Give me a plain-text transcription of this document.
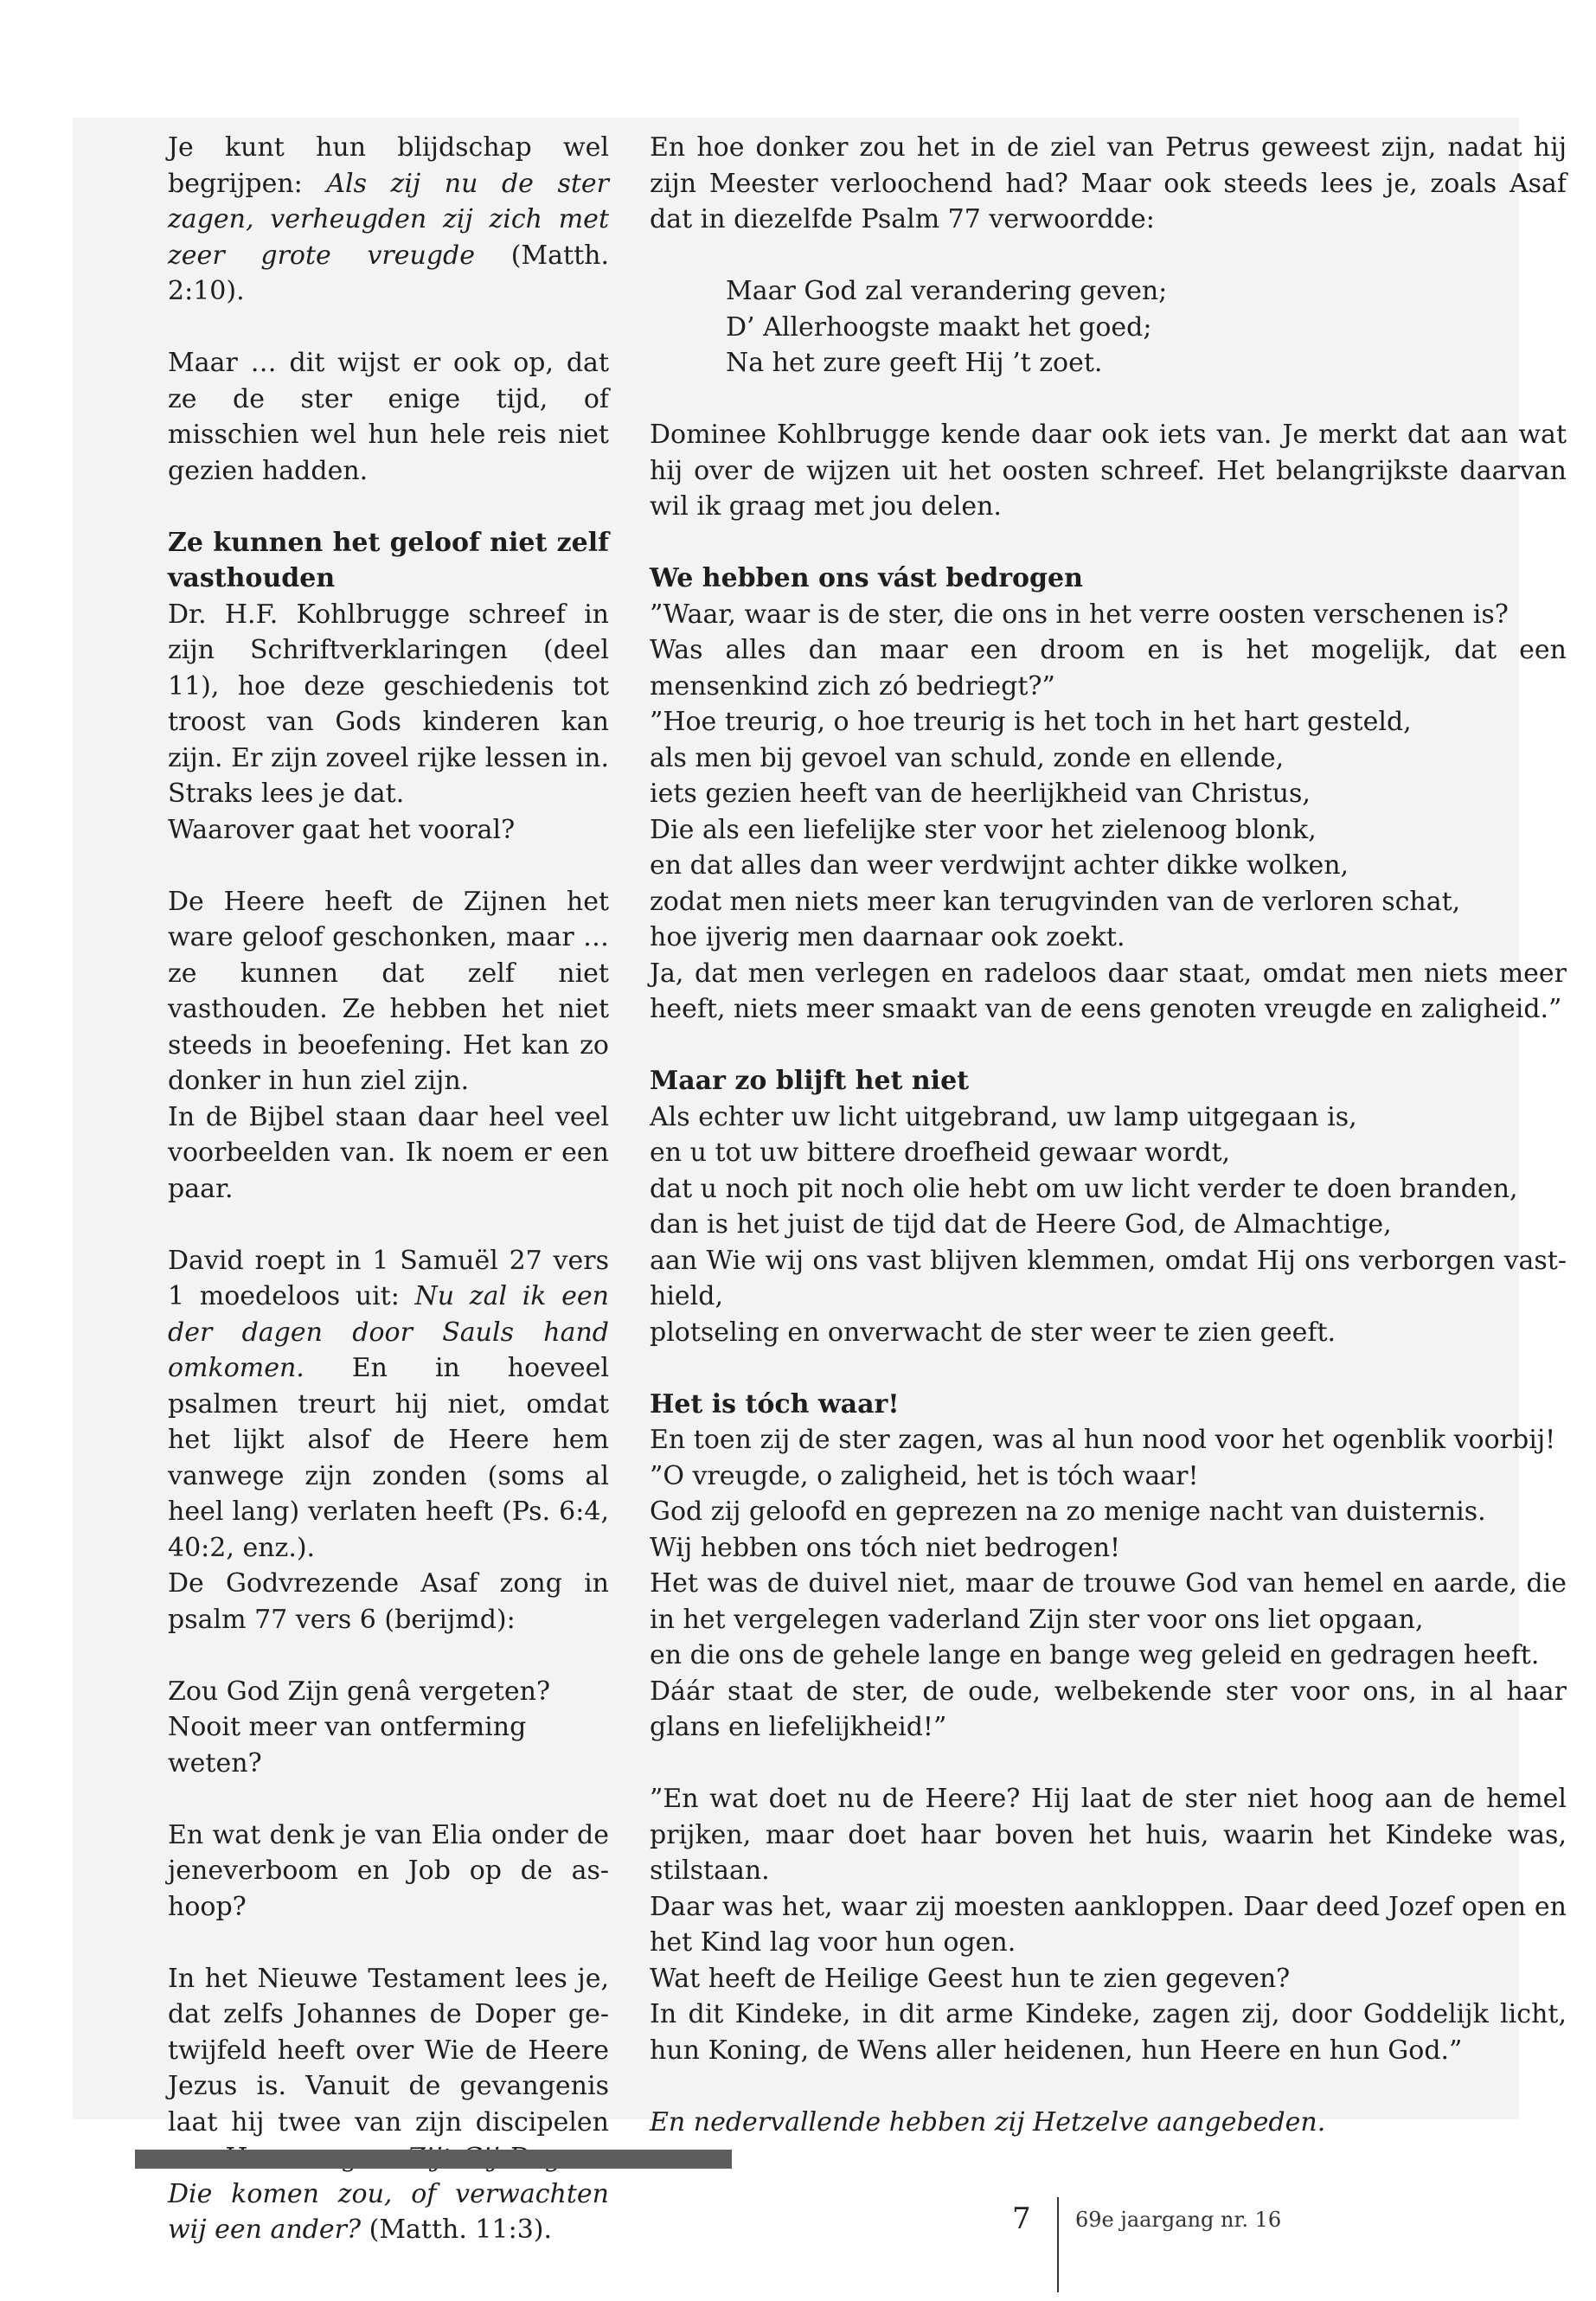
Je kunt hun blijdschap wel begrijpen: Als zij nu de ster zagen, verheugden zij zich met zeer grote vreugde (Matth. 2:10).

Maar … dit wijst er ook op, dat ze de ster enige tijd, of misschien wel hun hele reis niet gezien hadden.

Ze kunnen het geloof niet zelf vasthouden
Dr. H.F. Kohlbrugge schreef in zijn Schriftverklaringen (deel 11), hoe deze geschiedenis tot troost van Gods kinderen kan zijn. Er zijn zoveel rijke lessen in. Straks lees je dat.
Waarover gaat het vooral?
De Heere heeft de Zijnen het ware geloof geschonken, maar … ze kunnen dat zelf niet vasthouden. Ze hebben het niet steeds in beoefening. Het kan zo donker in hun ziel zijn.
In de Bijbel staan daar heel veel voorbeelden van. Ik noem er een paar.
David roept in 1 Samuël 27 vers 1 moedeloos uit: Nu zal ik een der dagen door Sauls hand omkomen. En in hoeveel psalmen treurt hij niet, omdat het lijkt alsof de Heere hem vanwege zijn zonden (soms al heel lang) verlaten heeft (Ps. 6:4, 40:2, enz.).
De Godvrezende Asaf zong in psalm 77 vers 6 (berijmd):
Zou God Zijn genâ vergeten?
Nooit meer van ontferming weten?

En wat denk je van Elia onder de jeneverboom en Job op de ashoop?

In het Nieuwe Testament lees je, dat zelfs Johannes de Doper getwijfeld heeft over Wie de Heere Jezus is. Vanuit de gevangenis laat hij twee van zijn discipelen Die komen zou, of verwachten wij een ander? (Matth. 11:3).

En hoe donker zou het in de ziel van Petrus geweest zijn, nadat hij zijn Meester verloochend had? Maar ook steeds lees je, zoals Asaf dat in diezelfde Psalm 77 verwoordde:

Maar God zal verandering geven;
D’ Allerhoogste maakt het goed;
Na het zure geeft Hij ’t zoet.

Dominee Kohlbrugge kende daar ook iets van. Je merkt dat aan wat hij over de wijzen uit het oosten schreef. Het belangrijkste daarvan wil ik graag met jou delen.

We hebben ons vást bedrogen
”Waar, waar is de ster, die ons in het verre oosten verschenen is?
Was alles dan maar een droom en is het mogelijk, dat een mensenkind zich zó bedriegt?”
”Hoe treurig, o hoe treurig is het toch in het hart gesteld,
als men bij gevoel van schuld, zonde en ellende,
iets gezien heeft van de heerlijkheid van Christus,
Die als een liefelijke ster voor het zielenoog blonk,
en dat alles dan weer verdwijnt achter dikke wolken,
zodat men niets meer kan terugvinden van de verloren schat,
hoe ijverig men daarnaar ook zoekt.
Ja, dat men verlegen en radeloos daar staat, omdat men niets meer heeft, niets meer smaakt van de eens genoten vreugde en zaligheid.”
Maar zo blijft het niet
Als echter uw licht uitgebrand, uw lamp uitgegaan is,
en u tot uw bittere droefheid gewaar wordt,
dat u noch pit noch olie hebt om uw licht verder te doen branden,
dan is het juist de tijd dat de Heere God, de Almachtige,
aan Wie wij ons vast blijven klemmen, omdat Hij ons verborgen vasthield,
plotseling en onverwacht de ster weer te zien geeft.
Het is tóch waar!
En toen zij de ster zagen, was al hun nood voor het ogenblik voorbij!
”O vreugde, o zaligheid, het is tóch waar!
God zij geloofd en geprezen na zo menige nacht van duisternis.
Wij hebben ons tóch niet bedrogen!
Het was de duivel niet, maar de trouwe God van hemel en aarde, die in het vergelegen vaderland Zijn ster voor ons liet opgaan,
en die ons de gehele lange en bange weg geleid en gedragen heeft.
Dáár staat de ster, de oude, welbekende ster voor ons, in al haar glans en liefelijkheid!”
”En wat doet nu de Heere? Hij laat de ster niet hoog aan de hemel prijken, maar doet haar boven het huis, waarin het Kindeke was, stilstaan.
Daar was het, waar zij moesten aankloppen. Daar deed Jozef open en het Kind lag voor hun ogen.
Wat heeft de Heilige Geest hun te zien gegeven?
In dit Kindeke, in dit arme Kindeke, zagen zij, door Goddelijk licht, hun Koning, de Wens aller heidenen, hun Heere en hun God.”

En nedervallende hebben zij Hetzelve aangebeden.

7 69e jaargang nr. 16
